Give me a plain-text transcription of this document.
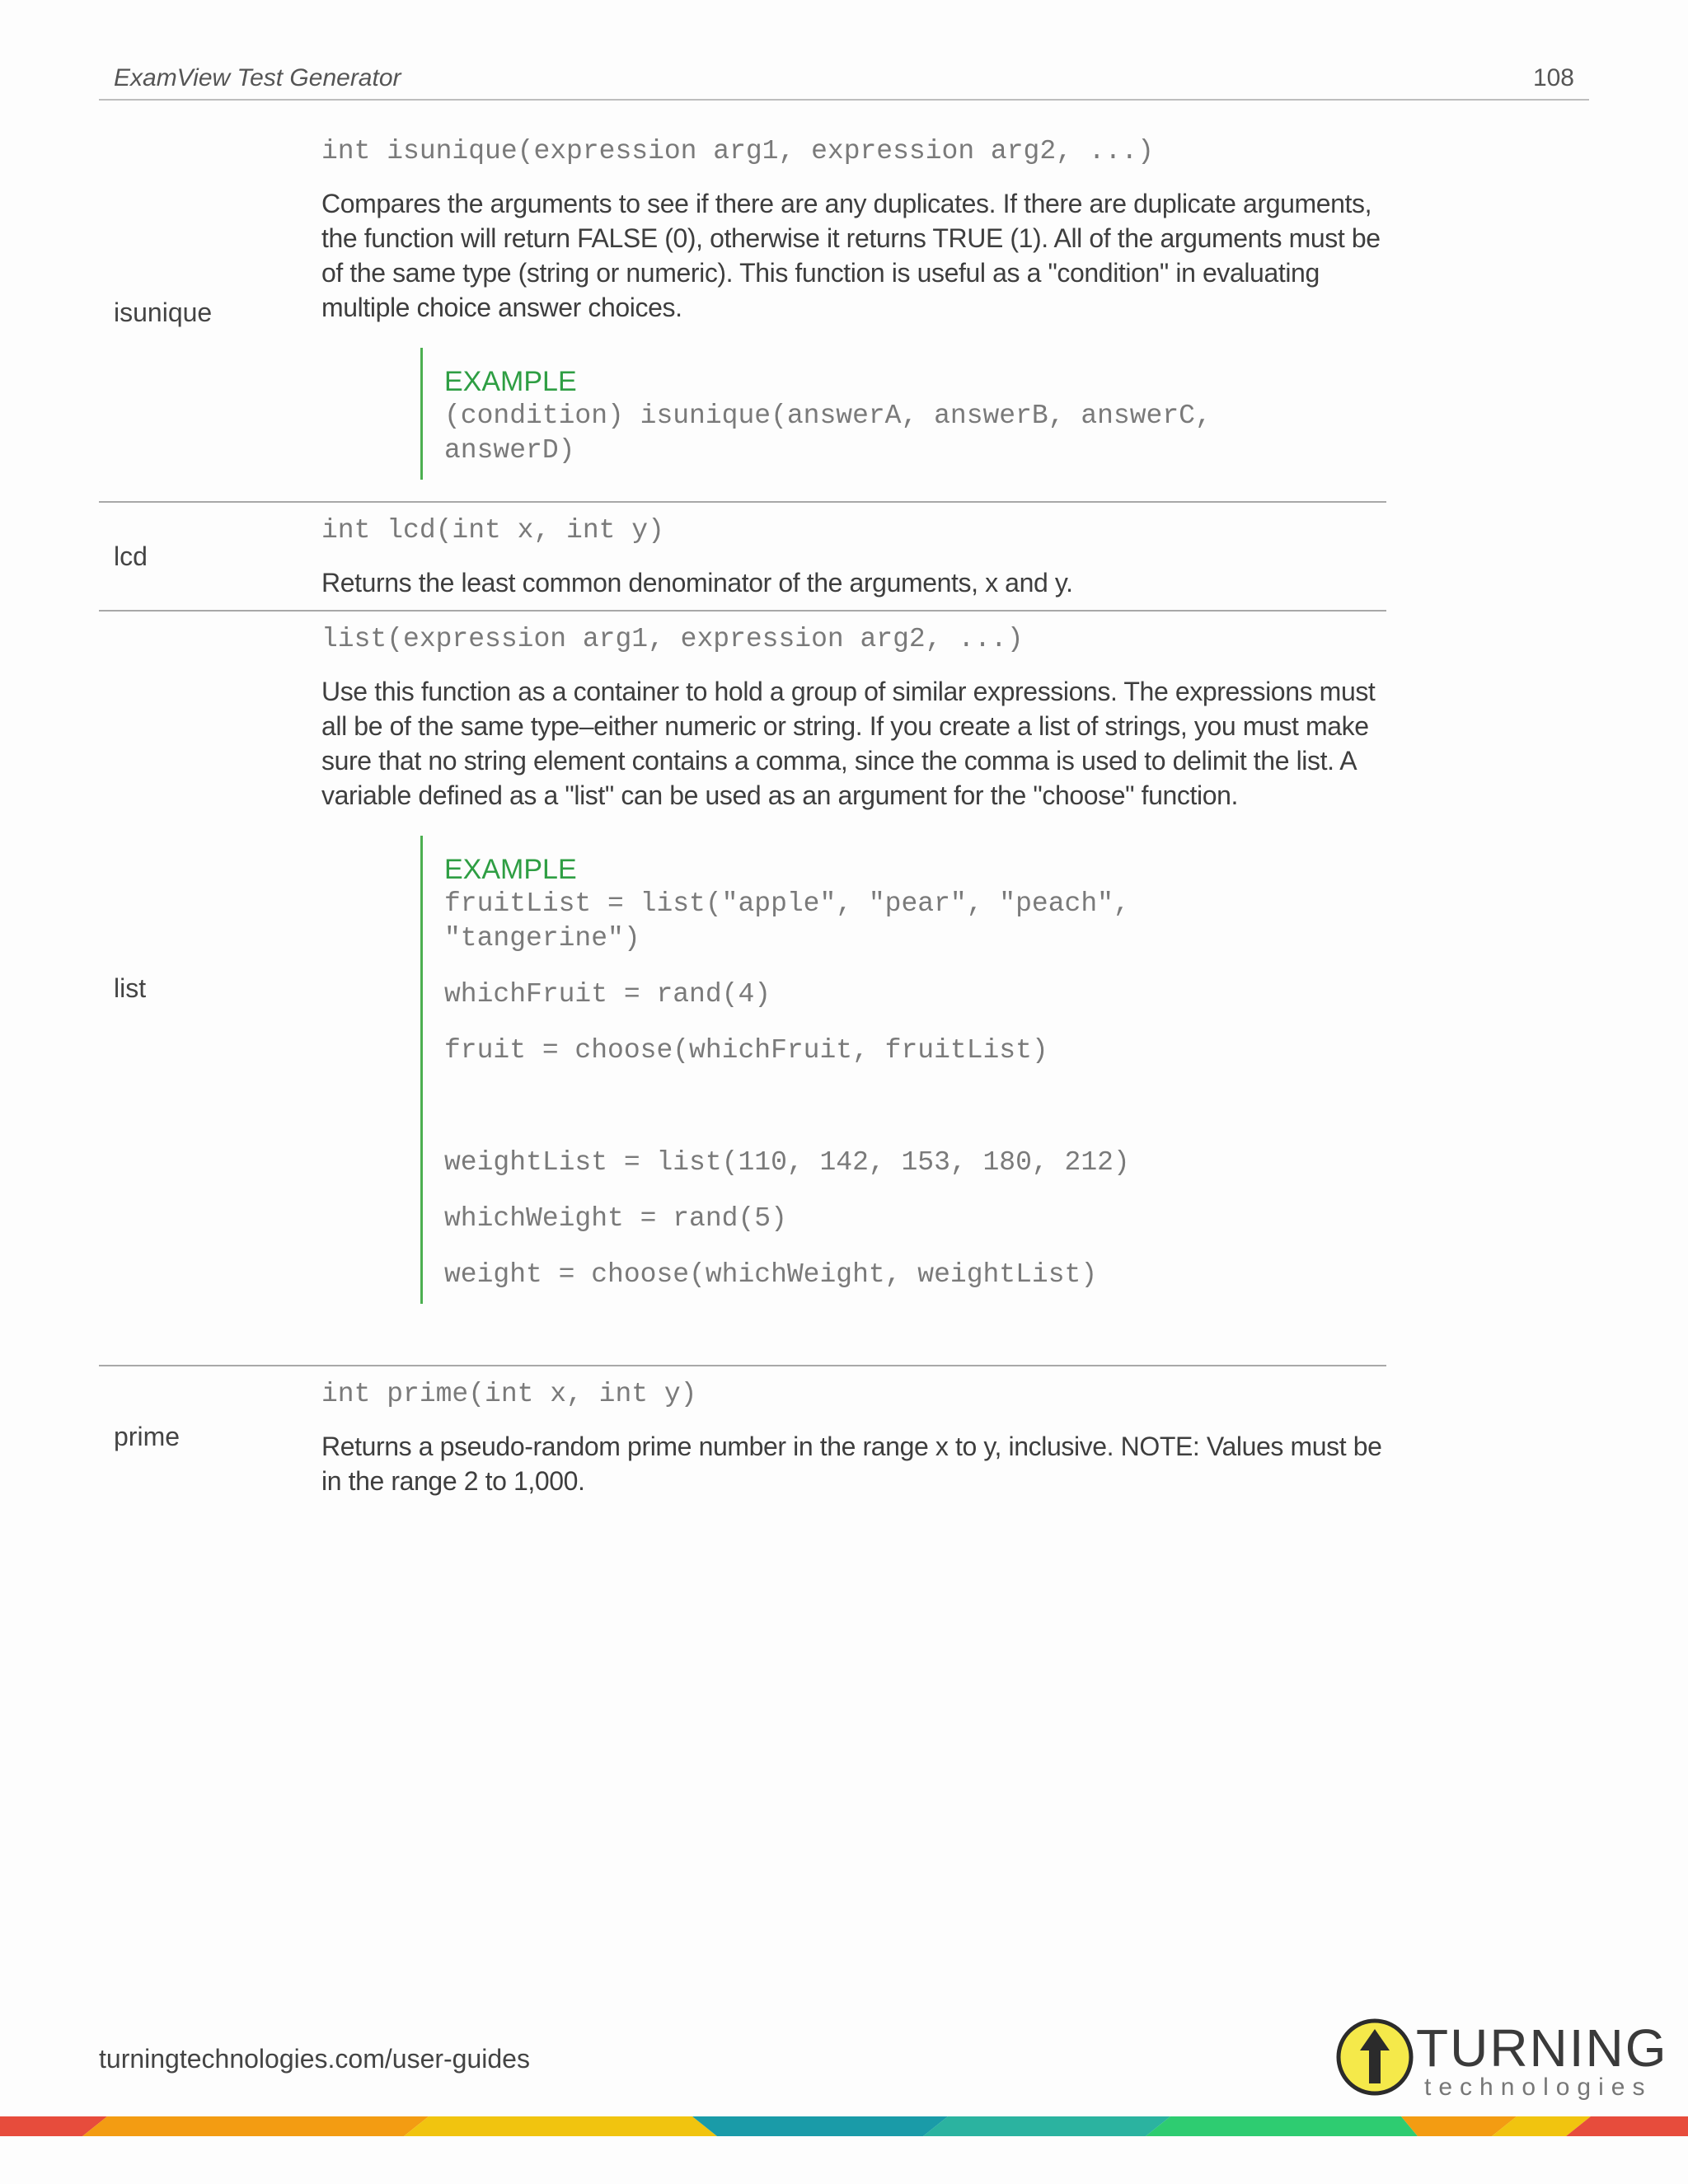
ExamView Test Generator	108
isunique
int isunique(expression arg1, expression arg2, ...)

Compares the arguments to see if there are any duplicates. If there are duplicate arguments, the function will return FALSE (0), otherwise it returns TRUE (1). All of the arguments must be of the same type (string or numeric). This function is useful as a "condition" in evaluating multiple choice answer choices.

EXAMPLE
(condition) isunique(answerA, answerB, answerC, answerD)
lcd
int lcd(int x, int y)

Returns the least common denominator of the arguments, x and y.

list
list(expression arg1, expression arg2, ...)

Use this function as a container to hold a group of similar expressions. The expressions must all be of the same type–either numeric or string. If you create a list of strings, you must make sure that no string element contains a comma, since the comma is used to delimit the list. A variable defined as a "list" can be used as an argument for the "choose" function.

EXAMPLE
fruitList = list("apple", "pear", "peach", "tangerine")
whichFruit = rand(4)
fruit = choose(whichFruit, fruitList)
weightList = list(110, 142, 153, 180, 212)
whichWeight = rand(5)
weight = choose(whichWeight, weightList)
prime
int prime(int x, int y)

Returns a pseudo-random prime number in the range x to y, inclusive. NOTE: Values must be in the range 2 to 1,000.

turningtechnologies.com/user-guides	TURNING
technologies
